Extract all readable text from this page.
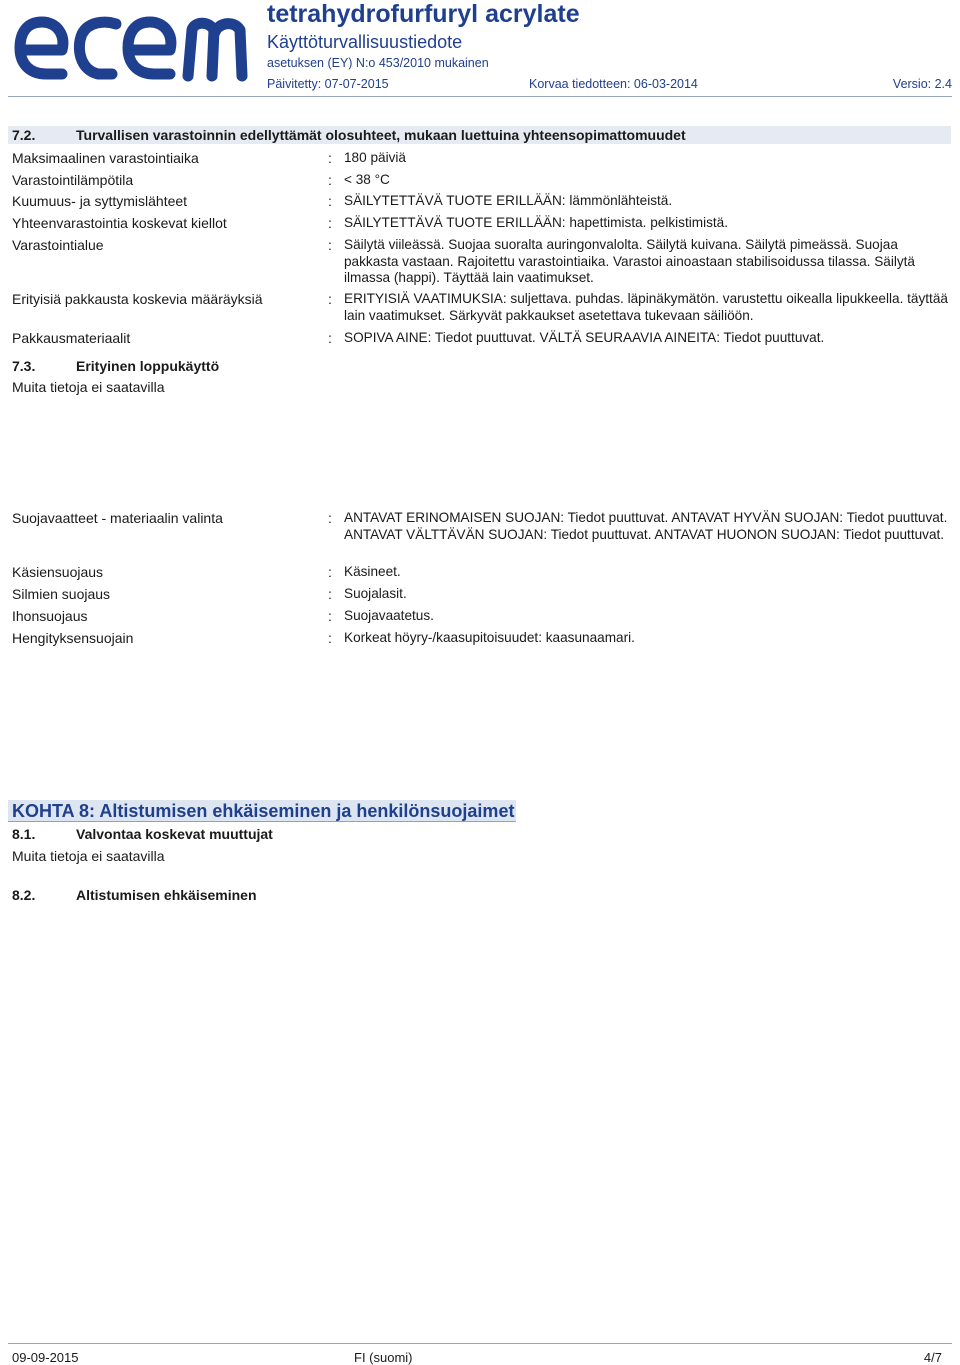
tetrahydrofurfuryl acrylate
Käyttöturvallisuustiedote
asetuksen (EY) N:o 453/2010 mukainen
Päivitetty: 07-07-2015	Korvaa tiedotteen: 06-03-2014	Versio: 2.4
7.2.	Turvallisen varastoinnin edellyttämät olosuhteet, mukaan luettuina yhteensopimattomuudet
Maksimaalinen varastointiaika	: 180 päiviä
Varastointilämpötila	: < 38 °C
Kuumuus- ja syttymislähteet	: SÄILYTETTÄVÄ TUOTE ERILLÄÄN: lämmönlähteistä.
Yhteenvarastointia koskevat kiellot	: SÄILYTETTÄVÄ TUOTE ERILLÄÄN: hapettimista. pelkistimistä.
Varastointialue	: Säilytä viileässä. Suojaa suoralta auringonvalolta. Säilytä kuivana. Säilytä pimeässä. Suojaa pakkasta vastaan. Rajoitettu varastointiaika. Varastoi ainoastaan stabilisoidussa tilassa. Säilytä ilmassa (happi). Täyttää lain vaatimukset.
Erityisiä pakkausta koskevia määräyksiä	: ERITYISIÄ VAATIMUKSIA: suljettava. puhdas. läpinäkymätön. varustettu oikealla lipukkeella. täyttää lain vaatimukset. Särkyvät pakkaukset asetettava tukevaan säiliöön.
Pakkausmateriaalit	: SOPIVA AINE: Tiedot puuttuvat. VÄLTÄ SEURAAVIA AINEITA: Tiedot puuttuvat.
7.3.	Erityinen loppukäyttö
Muita tietoja ei saatavilla
KOHTA 8: Altistumisen ehkäiseminen ja henkilönsuojaimet
8.1.	Valvontaa koskevat muuttujat
Muita tietoja ei saatavilla
8.2.	Altistumisen ehkäiseminen
Suojavaatteet - materiaalin valinta	: ANTAVAT ERINOMAISEN SUOJAN: Tiedot puuttuvat. ANTAVAT HYVÄN SUOJAN: Tiedot puuttuvat. ANTAVAT VÄLTTÄVÄN SUOJAN: Tiedot puuttuvat. ANTAVAT HUONON SUOJAN: Tiedot puuttuvat.
Käsiensuojaus	: Käsineet.
Silmien suojaus	: Suojalasit.
Ihonsuojaus	: Suojavaatetus.
Hengityksensuojain	: Korkeat höyry-/kaasupitoisuudet: kaasunaamari.
09-09-2015	FI (suomi)	4/7
